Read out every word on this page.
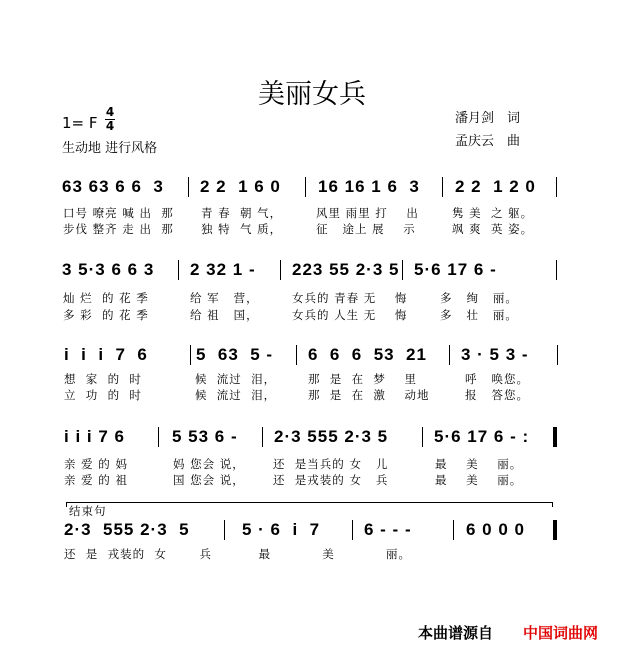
美丽女兵
1= F
4
4
生动地 进行风格
潘月剑　词
孟庆云　曲
63 63 6 6  3 2 2  1 6 0 16 16 1 6  3 2 2  1 2 0
口号 嘹亮 喊 出  那 青 春  朝 气，	风里 雨里 打    出	隽 美  之 躯。
步伐 整齐 走 出  那 独 特  气 质，	征   途上 展    示	飒 爽  英 姿。
3 5·3 6 6 3 2 32 1 - 223 55 2·3 5 5·6 17 6 -
灿 烂  的 花 季	给 军   营，	女兵的 青春 无    悔	多   绚   丽。
多 彩  的 花 季	给 祖   国，	女兵的 人生 无    悔	多   壮   丽。
i  i  i  7  6	5  63  5 - 6  6  6  53  21 3 · 5 3 -
想  家  的  时	候  流过  泪，	那  是  在  梦    里	呼   唤您。
立  功  的  时	候  流过  泪，	那  是  在  激    动地	报   答您。
i i i 7 6	5 53 6 - 2·3 555 2·3 5	5·6 17 6 - :
亲 爱 的 妈	妈 您会 说， 还  是当兵的 女   儿	最    美    丽。
亲 爱 的 祖	国 您会 说， 还  是戎装的 女   兵	最    美    丽。
结束句
2·3  555 2·3  5	5 · 6  i  7	6 - - -	6 0 0 0
还  是  戎装的  女       兵          最           美           丽。
本曲谱源自 中国词曲网
